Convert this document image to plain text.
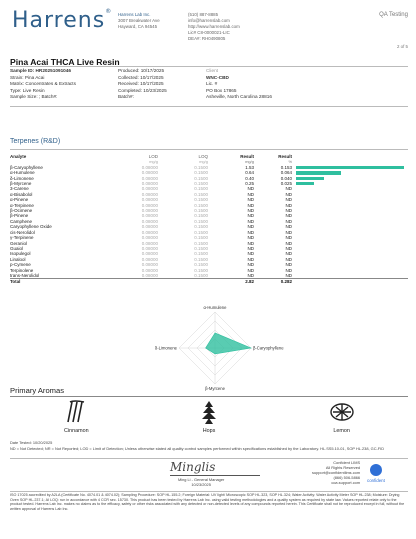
Harrens® Harrens Lab Inc.
3007 Breakwater Ave
Hayward, CA 94545
(510) 887-8885
info@harrenslab.com
http://www.harrenslab.com
Lic# C8-0000021-LIC
DEA#: RH0490805
QA Testing
2 of 5
Pina Acai THCA Live Resin
Sample ID: HR20251091046
Strain: Pina Acai
Matrix: Concentrates & Extracts
Type: Live Resin
Sample Size: ; Batch#:
Produced: 10/17/2025
Collected: 10/17/2025
Received: 10/17/2025
Completed: 10/23/2025
Batch#:
Client
WNC-CBD
Lic. #
PO Box 17865
Asheville, North Carolina 28816
Terpenes (R&D)
Analyte	LOD	LOQ	Result	Result	
	mg/g	mg/g	mg/g	%	
β-Caryophyllene	0.08000	0.1500	1.53	0.153	

α-Humulene	0.08000	0.1500	0.64	0.064	

δ-Limonene	0.08000	0.1500	0.40	0.040	

β-Myrcene	0.08000	0.1500	0.25	0.025	

3-Carene	0.08000	0.1500	ND	ND	
α-Bisabolol	0.08000	0.1500	ND	ND	
α-Pinene	0.08000	0.1500	ND	ND	
α-Terpinene	0.08000	0.1500	ND	ND	
β-Ocimene	0.08000	0.1500	ND	ND	
β-Pinene	0.08000	0.1500	ND	ND	
Camphene	0.08000	0.1500	ND	ND	
Caryophyllene Oxide	0.08000	0.1500	ND	ND	
cis-Nerolidol	0.08000	0.1500	ND	ND	
γ-Terpinene	0.08000	0.1500	ND	ND	
Geraniol	0.08000	0.1500	ND	ND	
Guaiol	0.08000	0.1500	ND	ND	
Isopulegol	0.08000	0.1500	ND	ND	
Linalool	0.08000	0.1500	ND	ND	
p-Cymene	0.08000	0.1500	ND	ND	
Terpinolene	0.08000	0.1500	ND	ND	
trans-Nerolidol	0.08000	0.1500	ND	ND	
Total			2.82	0.282	
α-Humulene
β-Caryophyllene
β-Myrcene
δ-Limonene
Primary Aromas
Cinnamon	Hops	Lemon
Date Tested: 10/20/2025
ND = Not Detected; NR = Not Reported; LOD = Limit of Detection; Unless otherwise stated all quality control samples performed within specifications established by the Laboratory. HL.SS5.10-01, SOP HL.238, GC-FID
Minglis
Ming Li - General Manager
10/23/2025
Confident LIMS
All Rights Reserved
support@confidentlims.com
(866) 506-5866
coa.support.com confident
ISO 17025 accredited by A2LA (Certificate No. 4074.01 & 4074.02); Sampling Procedure: SOP HL.155.2; Foreign Material: UV light/ Microscopic SOP HL.323, SOP HL.324; Water Activity: Water Activity Meter SOP HL.238; Moisture: Drying Oven SOP HL.237.1; ΑΙ LOQ: run in accordance with 4 CCR sec. 15730. This product has been tested by Harrens Lab Inc. using valid testing methodologies and a quality system as required by state law. Values reported relate only to the product tested. Harrens Lab Inc. makes no claims as to the efficacy, safety or other risks associated with any detected or non-detected levels of any compounds reported herein. This Certificate shall not be reproduced except in full, without the written approval of Harrens Lab Inc.
